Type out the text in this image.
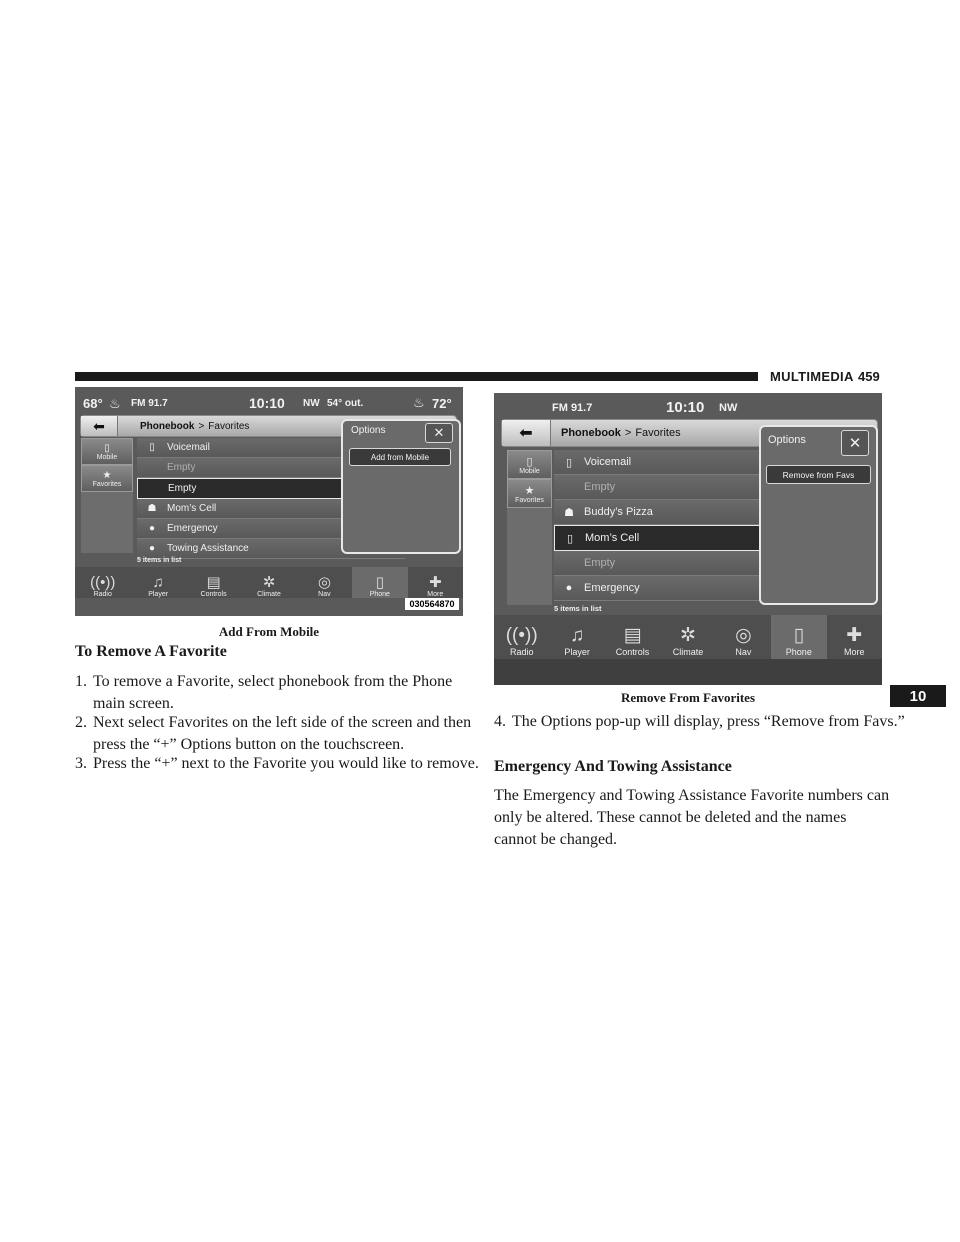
MULTIMEDIA 459
10
68° ♨ FM 91.7	10:10 NW 54° out.	♨ 72°
⬅	Phonebook > Favorites
▯
Mobile
★
Favorites
▯	Voicemail
Empty
Empty
☗	Mom’s Cell
●	Emergency
●	Towing Assistance
Options	✕
Add from Mobile
5 items in list
((•))
Radio
♫
Player
▤
Controls
✲
Climate
◎
Nav
▯
Phone
✚
More
030564870
Add From Mobile
FM 91.7	10:10 NW
⬅	Phonebook > Favorites
▯
Mobile
★
Favorites
▯	Voicemail
Empty
☗ Buddy’s Pizza
▯	Mom’s Cell
Empty
●	Emergency
Options	✕
Remove from Favs
5 items in list
((•))
Radio
♫
Player
▤
Controls
✲
Climate
◎
Nav
▯
Phone
✚
More
Remove From Favorites
To Remove A Favorite
1. To remove a Favorite, select phonebook from the Phone main screen.
2. Next select Favorites on the left side of the screen and then press the “+” Options button on the touchscreen.
3. Press the “+” next to the Favorite you would like to remove.
4. The Options pop-up will display, press “Remove from Favs.”
Emergency And Towing Assistance
The Emergency and Towing Assistance Favorite numbers can only be altered. These cannot be deleted and the names cannot be changed.
